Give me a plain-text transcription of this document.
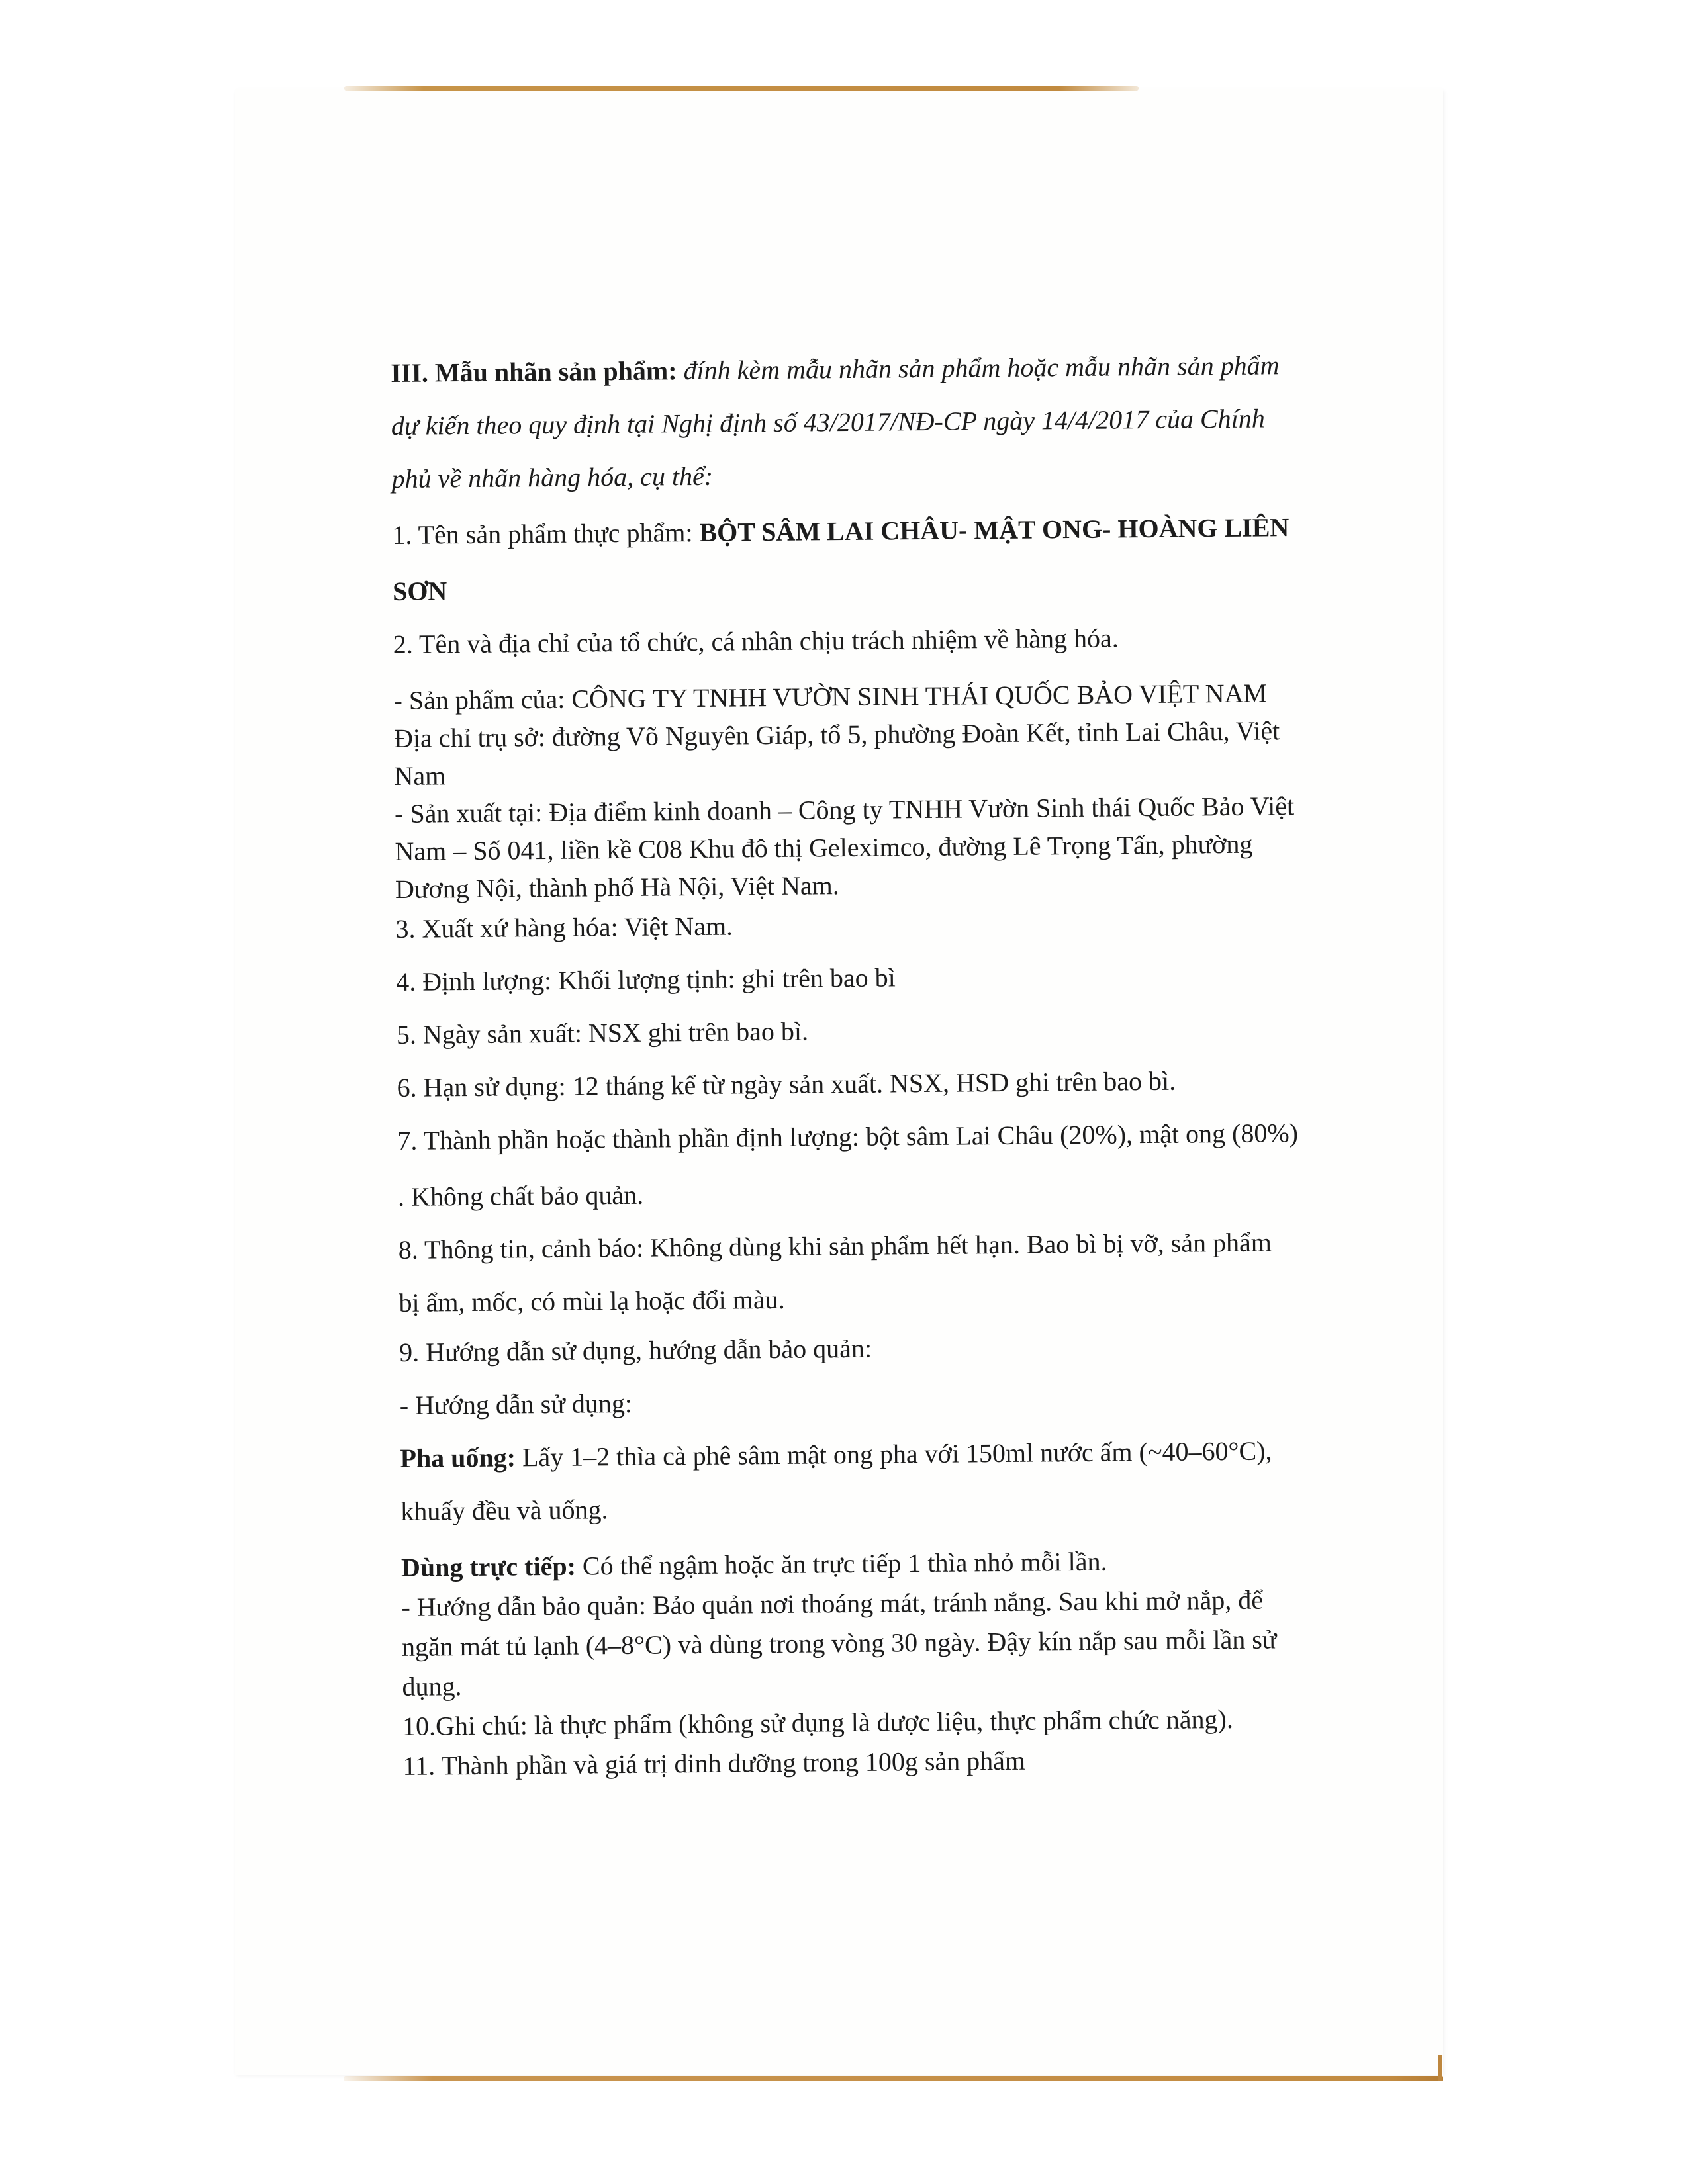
III. Mẫu nhãn sản phẩm: đính kèm mẫu nhãn sản phẩm hoặc mẫu nhãn sản phẩm
dự kiến theo quy định tại Nghị định số 43/2017/NĐ-CP ngày 14/4/2017 của Chính
phủ về nhãn hàng hóa, cụ thể:
1. Tên sản phẩm thực phẩm: BỘT SÂM LAI CHÂU- MẬT ONG- HOÀNG LIÊN
SƠN
2. Tên và địa chỉ của tổ chức, cá nhân chịu trách nhiệm về hàng hóa.
- Sản phẩm của: CÔNG TY TNHH VƯỜN SINH THÁI QUỐC BẢO VIỆT NAM
Địa chỉ trụ sở: đường Võ Nguyên Giáp, tổ 5, phường Đoàn Kết, tỉnh Lai Châu, Việt
Nam
- Sản xuất tại: Địa điểm kinh doanh – Công ty TNHH Vườn Sinh thái Quốc Bảo Việt
Nam – Số 041, liền kề C08 Khu đô thị Geleximco, đường Lê Trọng Tấn, phường
Dương Nội, thành phố Hà Nội, Việt Nam.
3. Xuất xứ hàng hóa: Việt Nam.
4. Định lượng: Khối lượng tịnh: ghi trên bao bì
5. Ngày sản xuất: NSX ghi trên bao bì.
6. Hạn sử dụng: 12 tháng kể từ ngày sản xuất. NSX, HSD ghi trên bao bì.
7. Thành phần hoặc thành phần định lượng: bột sâm Lai Châu (20%), mật ong (80%)
. Không chất bảo quản.
8. Thông tin, cảnh báo: Không dùng khi sản phẩm hết hạn. Bao bì bị vỡ, sản phẩm
bị ẩm, mốc, có mùi lạ hoặc đổi màu.
9. Hướng dẫn sử dụng, hướng dẫn bảo quản:
- Hướng dẫn sử dụng:
Pha uống: Lấy 1–2 thìa cà phê sâm mật ong pha với 150ml nước ấm (~40–60°C),
khuấy đều và uống.
Dùng trực tiếp: Có thể ngậm hoặc ăn trực tiếp 1 thìa nhỏ mỗi lần.
- Hướng dẫn bảo quản: Bảo quản nơi thoáng mát, tránh nắng. Sau khi mở nắp, để
ngăn mát tủ lạnh (4–8°C) và dùng trong vòng 30 ngày. Đậy kín nắp sau mỗi lần sử
dụng.
10.Ghi chú: là thực phẩm (không sử dụng là dược liệu, thực phẩm chức năng).
11. Thành phần và giá trị dinh dưỡng trong 100g sản phẩm
